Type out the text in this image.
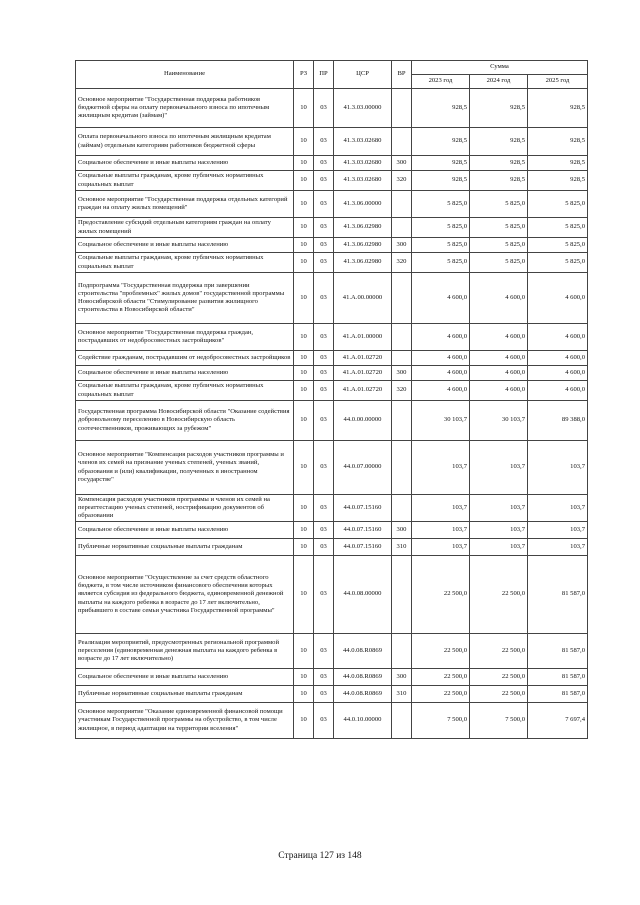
Наименование	РЗ	ПР	ЦСР	ВР	Сумма		
					2023 год	2024 год	2025 год
Основное мероприятие "Государственная поддержка работников бюджетной сферы на оплату первоначального взноса по ипотечным жилищным кредитам (займам)"	10	03	41.3.03.00000		928,5	928,5	928,5
Оплата первоначального взноса по ипотечным жилищным кредитам (займам) отдельным категориям работников бюджетной сферы	10	03	41.3.03.02680		928,5	928,5	928,5
Социальное обеспечение и иные выплаты населению	10	03	41.3.03.02680	300	928,5	928,5	928,5
Социальные выплаты гражданам, кроме публичных нормативных социальных выплат	10	03	41.3.03.02680	320	928,5	928,5	928,5
Основное мероприятие "Государственная поддержка отдельных категорий граждан на оплату жилых помещений"	10	03	41.3.06.00000		5 825,0	5 825,0	5 825,0
Предоставление субсидий отдельным категориям граждан на оплату жилых помещений	10	03	41.3.06.02980		5 825,0	5 825,0	5 825,0
Социальное обеспечение и иные выплаты населению	10	03	41.3.06.02980	300	5 825,0	5 825,0	5 825,0
Социальные выплаты гражданам, кроме публичных нормативных социальных выплат	10	03	41.3.06.02980	320	5 825,0	5 825,0	5 825,0
Подпрограмма "Государственная поддержка при завершении строительства "проблемных" жилых домов" государственной программы Новосибирской области "Стимулирование развития жилищного строительства в Новосибирской области"	10	03	41.А.00.00000		4 600,0	4 600,0	4 600,0
Основное мероприятие "Государственная поддержка граждан, пострадавших от недобросовестных застройщиков"	10	03	41.А.01.00000		4 600,0	4 600,0	4 600,0
Содействие гражданам, пострадавшим от недобросовестных застройщиков	10	03	41.А.01.02720		4 600,0	4 600,0	4 600,0
Социальное обеспечение и иные выплаты населению	10	03	41.А.01.02720	300	4 600,0	4 600,0	4 600,0
Социальные выплаты гражданам, кроме публичных нормативных социальных выплат	10	03	41.А.01.02720	320	4 600,0	4 600,0	4 600,0
Государственная программа Новосибирской области "Оказание содействия добровольному переселению в Новосибирскую область соотечественников, проживающих за рубежом"	10	03	44.0.00.00000		30 103,7	30 103,7	89 388,0
Основное мероприятие "Компенсация расходов участников программы и членов их семей на признание ученых степеней, ученых званий, образования и (или) квалификации, полученных в иностранном государстве"	10	03	44.0.07.00000		103,7	103,7	103,7
Компенсация расходов участников программы и членов их семей на переаттестацию ученых степеней, нострификацию документов об образовании	10	03	44.0.07.15160		103,7	103,7	103,7
Социальное обеспечение и иные выплаты населению	10	03	44.0.07.15160	300	103,7	103,7	103,7
Публичные нормативные социальные выплаты гражданам	10	03	44.0.07.15160	310	103,7	103,7	103,7
Основное мероприятие "Осуществление за счет средств областного бюджета, в том числе источником финансового обеспечения которых является субсидия из федерального бюджета, единовременной денежной выплаты на каждого ребенка в возрасте до 17 лет включительно, прибывшего в составе семьи участника Государственной программы"	10	03	44.0.08.00000		22 500,0	22 500,0	81 587,0
Реализация мероприятий, предусмотренных региональной программой переселения (единовременная денежная выплата на каждого ребенка в возрасте до 17 лет включительно)	10	03	44.0.08.R0869		22 500,0	22 500,0	81 587,0
Социальное обеспечение и иные выплаты населению	10	03	44.0.08.R0869	300	22 500,0	22 500,0	81 587,0
Публичные нормативные социальные выплаты гражданам	10	03	44.0.08.R0869	310	22 500,0	22 500,0	81 587,0
Основное мероприятие "Оказание единовременной финансовой помощи участникам Государственной программы на обустройство, в том числе жилищное, в период адаптации на территории вселения"	10	03	44.0.10.00000		7 500,0	7 500,0	7 697,4
Страница 127 из 148
